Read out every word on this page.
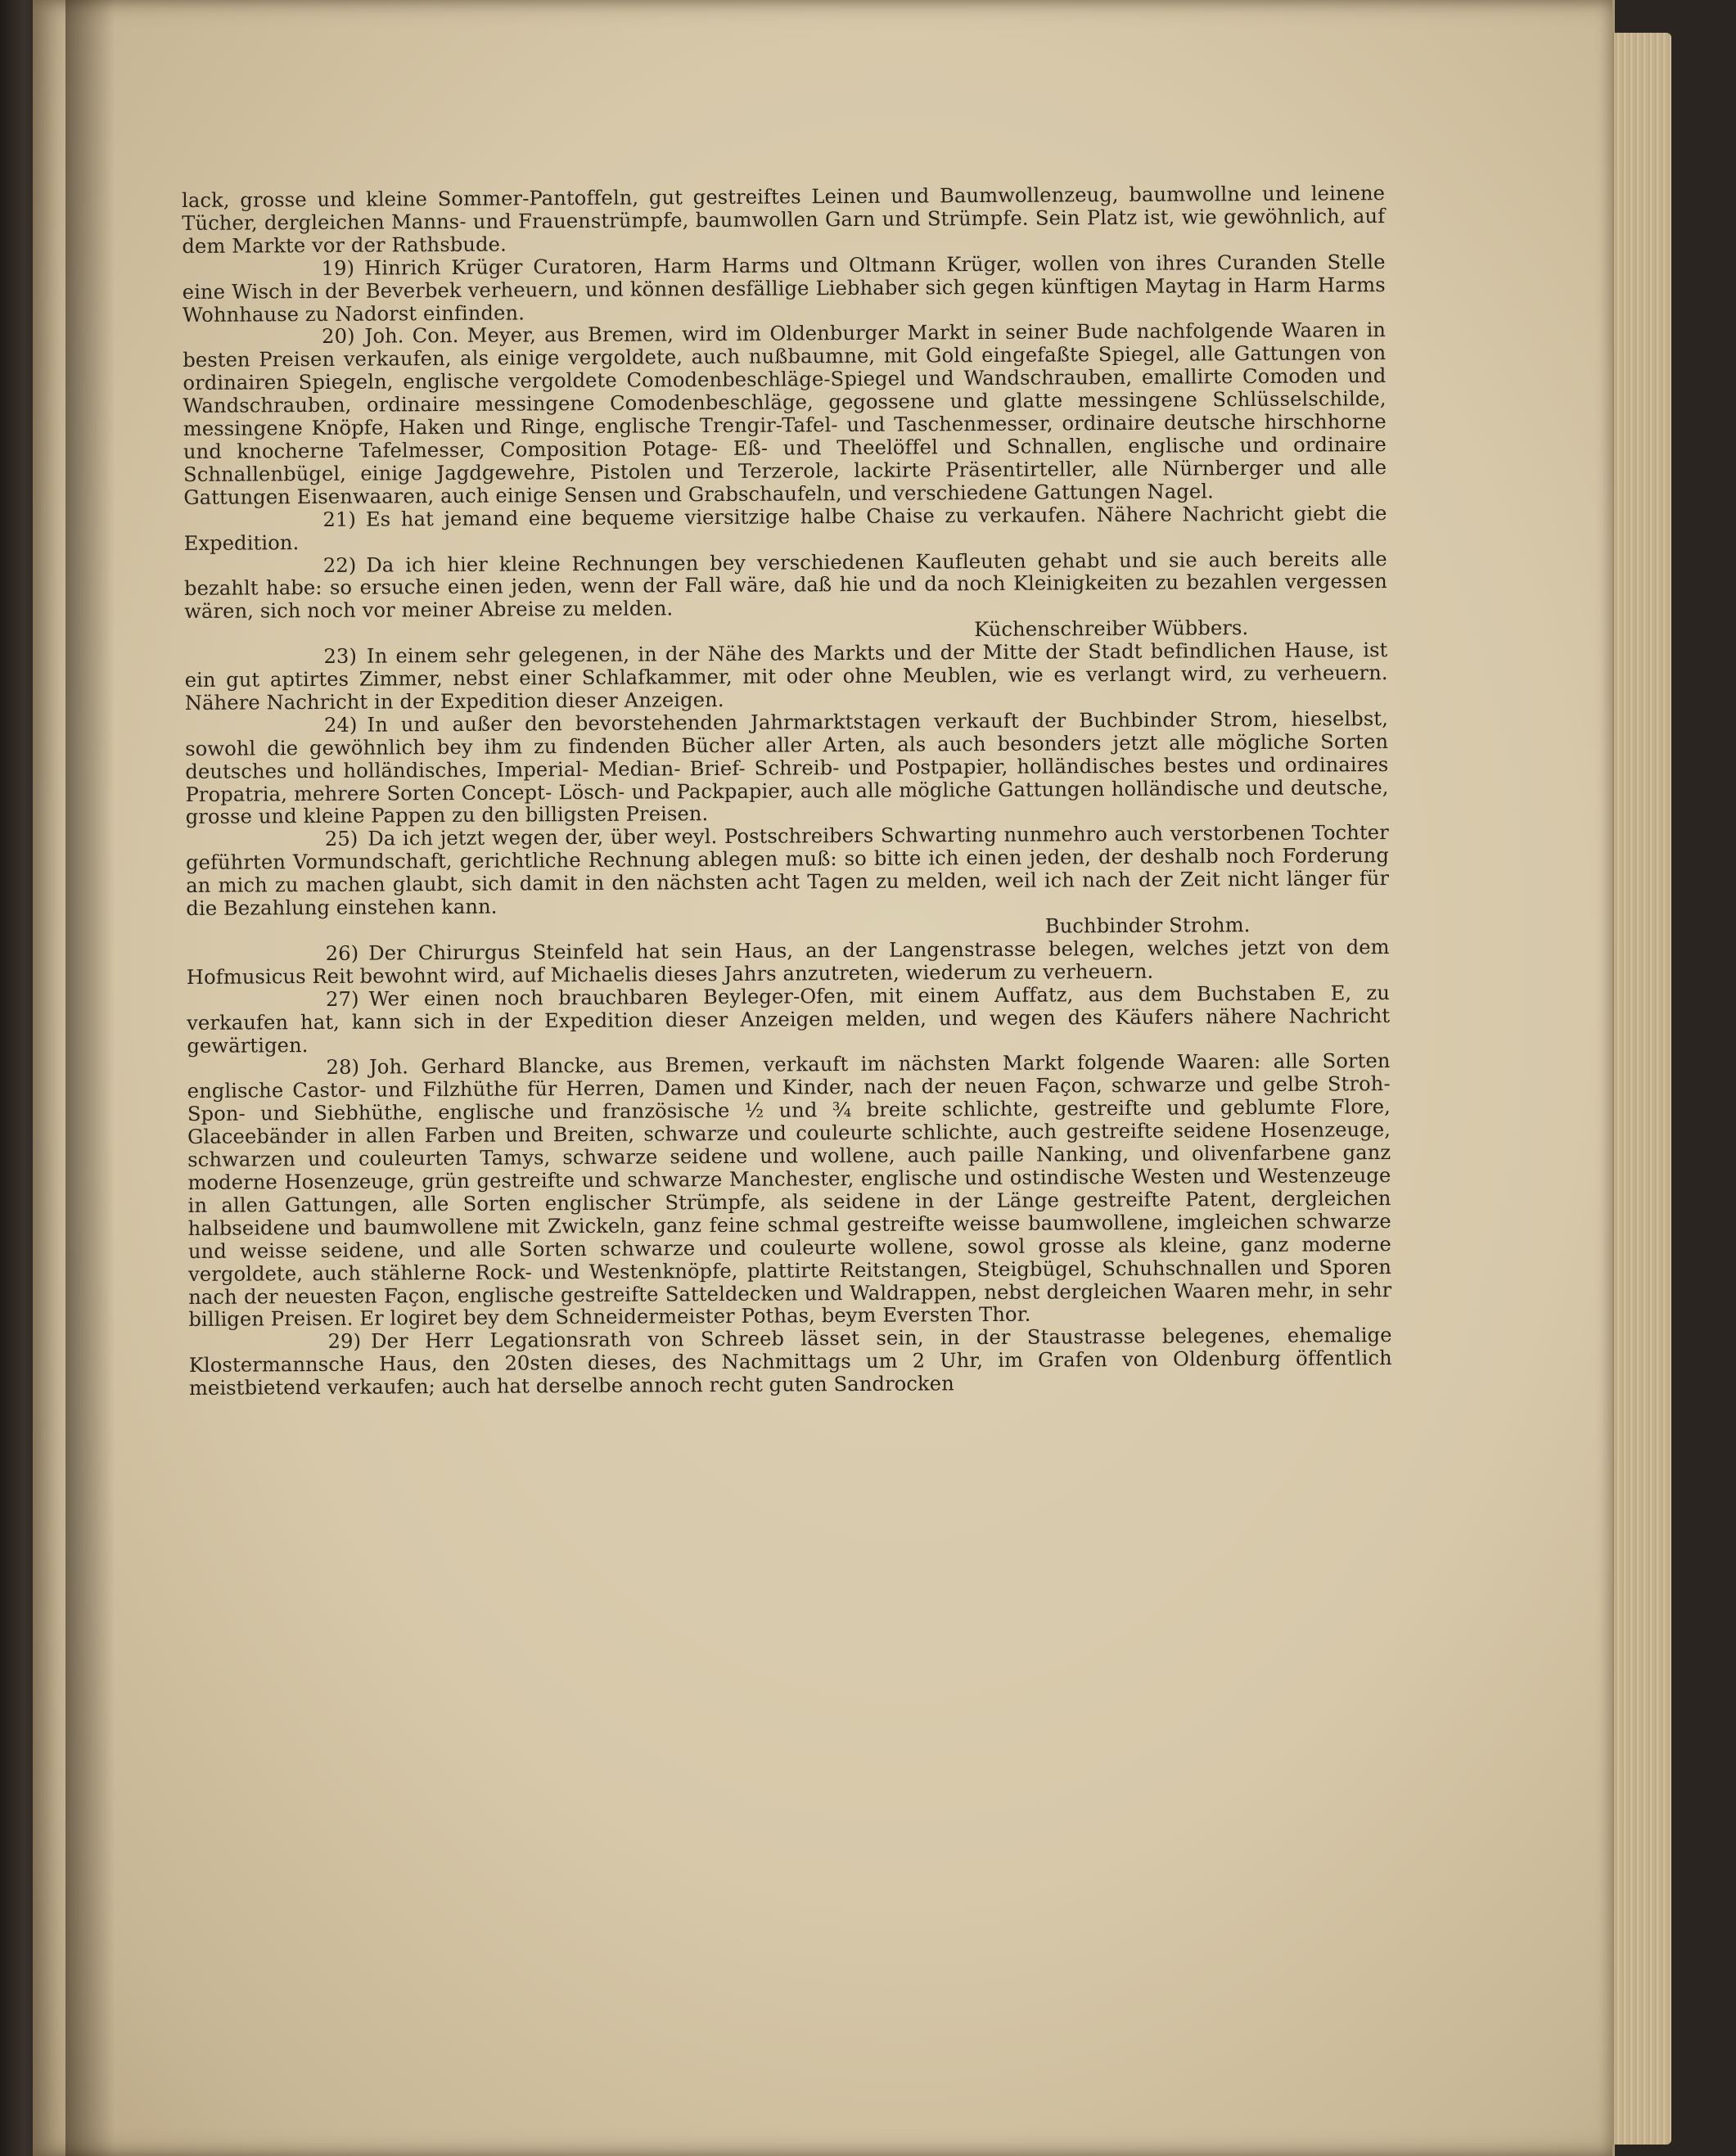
lack, grosse und kleine Sommer-Pantoffeln, gut gestreiftes Leinen und Baumwollenzeug, baumwollne und leinene Tücher, dergleichen Manns- und Frauenstrümpfe, baumwollen Garn und Strümpfe. Sein Platz ist, wie gewöhnlich, auf dem Markte vor der Rathsbude.

19) Hinrich Krüger Curatoren, Harm Harms und Oltmann Krüger, wollen von ihres Curanden Stelle eine Wisch in der Beverbek verheuern, und können desfällige Liebhaber sich gegen künftigen Maytag in Harm Harms Wohnhause zu Nadorst einfinden.

20) Joh. Con. Meyer, aus Bremen, wird im Oldenburger Markt in seiner Bude nachfolgende Waaren in besten Preisen verkaufen, als einige vergoldete, auch nußbaumne, mit Gold eingefaßte Spiegel, alle Gattungen von ordinairen Spiegeln, englische vergoldete Comodenbeschläge-Spiegel und Wandschrauben, emallirte Comoden und Wandschrauben, ordinaire messingene Comodenbeschläge, gegossene und glatte messingene Schlüsselschilde, messingene Knöpfe, Haken und Ringe, englische Trengir-Tafel- und Taschenmesser, ordinaire deutsche hirschhorne und knocherne Tafelmesser, Composition Potage- Eß- und Theelöffel und Schnallen, englische und ordinaire Schnallenbügel, einige Jagdgewehre, Pistolen und Terzerole, lackirte Präsentirteller, alle Nürnberger und alle Gattungen Eisenwaaren, auch einige Sensen und Grabschaufeln, und verschiedene Gattungen Nagel.

21) Es hat jemand eine bequeme viersitzige halbe Chaise zu verkaufen. Nähere Nachricht giebt die Expedition.

22) Da ich hier kleine Rechnungen bey verschiedenen Kaufleuten gehabt und sie auch bereits alle bezahlt habe: so ersuche einen jeden, wenn der Fall wäre, daß hie und da noch Kleinigkeiten zu bezahlen vergessen wären, sich noch vor meiner Abreise zu melden.

Küchenschreiber Wübbers.

23) In einem sehr gelegenen, in der Nähe des Markts und der Mitte der Stadt befindlichen Hause, ist ein gut aptirtes Zimmer, nebst einer Schlafkammer, mit oder ohne Meublen, wie es verlangt wird, zu verheuern. Nähere Nachricht in der Expedition dieser Anzeigen.

24) In und außer den bevorstehenden Jahrmarktstagen verkauft der Buchbinder Strom, hieselbst, sowohl die gewöhnlich bey ihm zu findenden Bücher aller Arten, als auch besonders jetzt alle mögliche Sorten deutsches und holländisches, Imperial- Median- Brief- Schreib- und Postpapier, holländisches bestes und ordinaires Propatria, mehrere Sorten Concept- Lösch- und Packpapier, auch alle mögliche Gattungen holländische und deutsche, grosse und kleine Pappen zu den billigsten Preisen.

25) Da ich jetzt wegen der, über weyl. Postschreibers Schwarting nunmehro auch verstorbenen Tochter geführten Vormundschaft, gerichtliche Rechnung ablegen muß: so bitte ich einen jeden, der deshalb noch Forderung an mich zu machen glaubt, sich damit in den nächsten acht Tagen zu melden, weil ich nach der Zeit nicht länger für die Bezahlung einstehen kann.

Buchbinder Strohm.

26) Der Chirurgus Steinfeld hat sein Haus, an der Langenstrasse belegen, welches jetzt von dem Hofmusicus Reit bewohnt wird, auf Michaelis dieses Jahrs anzutreten, wiederum zu verheuern.

27) Wer einen noch brauchbaren Beyleger-Ofen, mit einem Auffatz, aus dem Buchstaben E, zu verkaufen hat, kann sich in der Expedition dieser Anzeigen melden, und wegen des Käufers nähere Nachricht gewärtigen.

28) Joh. Gerhard Blancke, aus Bremen, verkauft im nächsten Markt folgende Waaren: alle Sorten englische Castor- und Filzhüthe für Herren, Damen und Kinder, nach der neuen Façon, schwarze und gelbe Stroh- Spon- und Siebhüthe, englische und französische ½ und ¾ breite schlichte, gestreifte und geblumte Flore, Glaceebänder in allen Farben und Breiten, schwarze und couleurte schlichte, auch gestreifte seidene Hosenzeuge, schwarzen und couleurten Tamys, schwarze seidene und wollene, auch paille Nanking, und olivenfarbene ganz moderne Hosenzeuge, grün gestreifte und schwarze Manchester, englische und ostindische Westen und Westenzeuge in allen Gattungen, alle Sorten englischer Strümpfe, als seidene in der Länge gestreifte Patent, dergleichen halbseidene und baumwollene mit Zwickeln, ganz feine schmal gestreifte weisse baumwollene, imgleichen schwarze und weisse seidene, und alle Sorten schwarze und couleurte wollene, sowol grosse als kleine, ganz moderne vergoldete, auch stählerne Rock- und Westenknöpfe, plattirte Reitstangen, Steigbügel, Schuhschnallen und Sporen nach der neuesten Façon, englische gestreifte Satteldecken und Waldrappen, nebst dergleichen Waaren mehr, in sehr billigen Preisen. Er logiret bey dem Schneidermeister Pothas, beym Eversten Thor.

29) Der Herr Legationsrath von Schreeb lässet sein, in der Staustrasse belegenes, ehemalige Klostermannsche Haus, den 20sten dieses, des Nachmittags um 2 Uhr, im Grafen von Oldenburg öffentlich meistbietend verkaufen; auch hat derselbe annoch recht guten Sandrocken
